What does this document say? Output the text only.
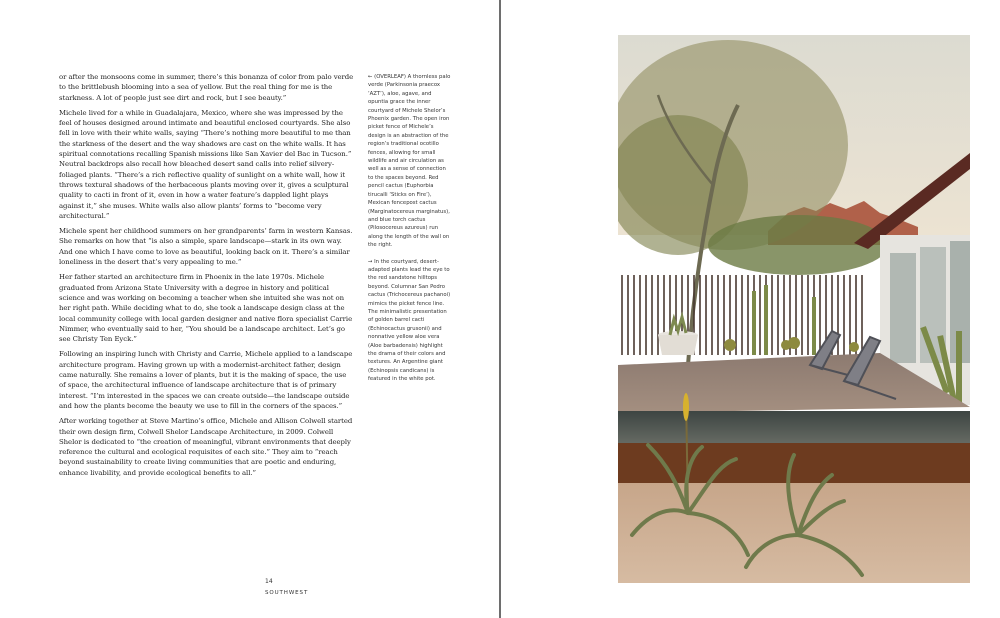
or after the monsoons come in summer, there’s this bonanza of color from palo verde to the brittlebush blooming into a sea of yellow. But the real thing for me is the starkness. A lot of people just see dirt and rock, but I see beauty.”

Michele lived for a while in Guadalajara, Mexico, where she was impressed by the feel of houses designed around intimate and beautiful enclosed courtyards. She also fell in love with their white walls, saying “There’s nothing more beautiful to me than the starkness of the desert and the way shadows are cast on the white walls. It has spiritual connotations recalling Spanish missions like San Xavier del Bac in Tucson.” Neutral backdrops also recall how bleached desert sand calls into relief silvery-foliaged plants. “There’s a rich reflective quality of sunlight on a white wall, how it throws textural shadows of the herbaceous plants moving over it, gives a sculptural quality to cacti in front of it, even in how a water feature’s dappled light plays against it,” she muses. White walls also allow plants’ forms to “become very architectural.”

Michele spent her childhood summers on her grandparents’ farm in western Kansas. She remarks on how that “is also a simple, spare landscape—stark in its own way. And one which I have come to love as beautiful, looking back on it. There’s a similar loneliness in the desert that’s very appealing to me.”

Her father started an architecture firm in Phoenix in the late 1970s. Michele graduated from Arizona State University with a degree in history and political science and was working on becoming a teacher when she intuited she was not on her right path. While deciding what to do, she took a landscape design class at the local community college with local garden designer and native flora specialist Carrie Nimmer, who eventually said to her, “You should be a landscape architect. Let’s go see Christy Ten Eyck.”

Following an inspiring lunch with Christy and Carrie, Michele applied to a landscape architecture program. Having grown up with a modernist-architect father, design came naturally. She remains a lover of plants, but it is the making of space, the use of space, the architectural influence of landscape architecture that is of primary interest. “I’m interested in the spaces we can create outside—the landscape outside and how the plants become the beauty we use to fill in the corners of the spaces.”

After working together at Steve Martino’s office, Michele and Allison Colwell started their own design firm, Colwell Shelor Landscape Architecture, in 2009. Colwell Shelor is dedicated to “the creation of meaningful, vibrant environments that deeply reference the cultural and ecological requisites of each site.” They aim to “reach beyond sustainability to create living communities that are poetic and enduring, enhance livability, and provide ecological benefits to all.”

← (OVERLEAF) A thornless palo verde (Parkinsonia praecox ‘AZT’), aloe, agave, and opuntia grace the inner courtyard of Michele Shelor’s Phoenix garden. The open iron picket fence of Michele’s design is an abstraction of the region’s traditional ocotillo fences, allowing for small wildlife and air circulation as well as a sense of connection to the spaces beyond. Red pencil cactus (Euphorbia tirucalli ‘Sticks on Fire’), Mexican fencepost cactus (Marginatocereus marginatus), and blue torch cactus (Pilosocereus azureus) run along the length of the wall on the right.

→ In the courtyard, desert-adapted plants lead the eye to the red sandstone hilltops beyond. Columnar San Pedro cactus (Trichocereus pachanoi) mimics the picket fence line. The minimalistic presentation of golden barrel cacti (Echinocactus grusonii) and nonnative yellow aloe vera (Aloe barbadensis) highlight the drama of their colors and textures. An Argentine giant (Echinopsis candicans) is featured in the white pot.

14
SOUTHWEST
